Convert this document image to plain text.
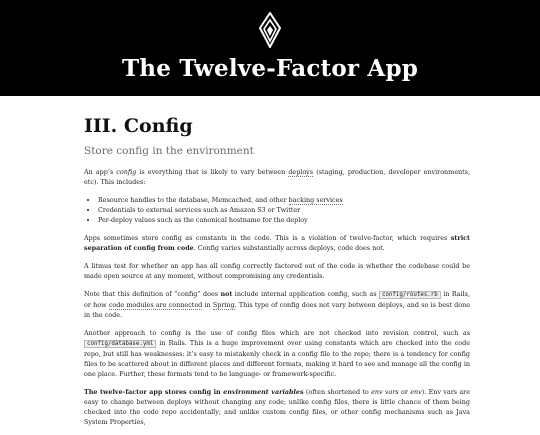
The Twelve-Factor App
III. Config
Store config in the environment

An app’s config is everything that is likely to vary between deploys (staging, production, developer environments, etc). This includes:

• Resource handles to the database, Memcached, and other backing services
• Credentials to external services such as Amazon S3 or Twitter
• Per-deploy values such as the canonical hostname for the deploy

Apps sometimes store config as constants in the code. This is a violation of twelve-factor, which requires strict separation of config from code. Config varies substantially across deploys, code does not.

A litmus test for whether an app has all config correctly factored out of the code is whether the codebase could be made open source at any moment, without compromising any credentials.

Note that this definition of “config” does not include internal application config, such as config/routes.rb in Rails, or how code modules are connected in Spring. This type of config does not vary between deploys, and so is best done in the code.

Another approach to config is the use of config files which are not checked into revision control, such as config/database.yml in Rails. This is a huge improvement over using constants which are checked into the code repo, but still has weaknesses: it’s easy to mistakenly check in a config file to the repo; there is a tendency for config files to be scattered about in different places and different formats, making it hard to see and manage all the config in one place. Further, these formats tend to be language- or framework-specific.

The twelve-factor app stores config in environment variables (often shortened to env vars or env). Env vars are easy to change between deploys without changing any code; unlike config files, there is little chance of them being checked into the code repo accidentally; and unlike custom config files, or other config mechanisms such as Java System Properties,
